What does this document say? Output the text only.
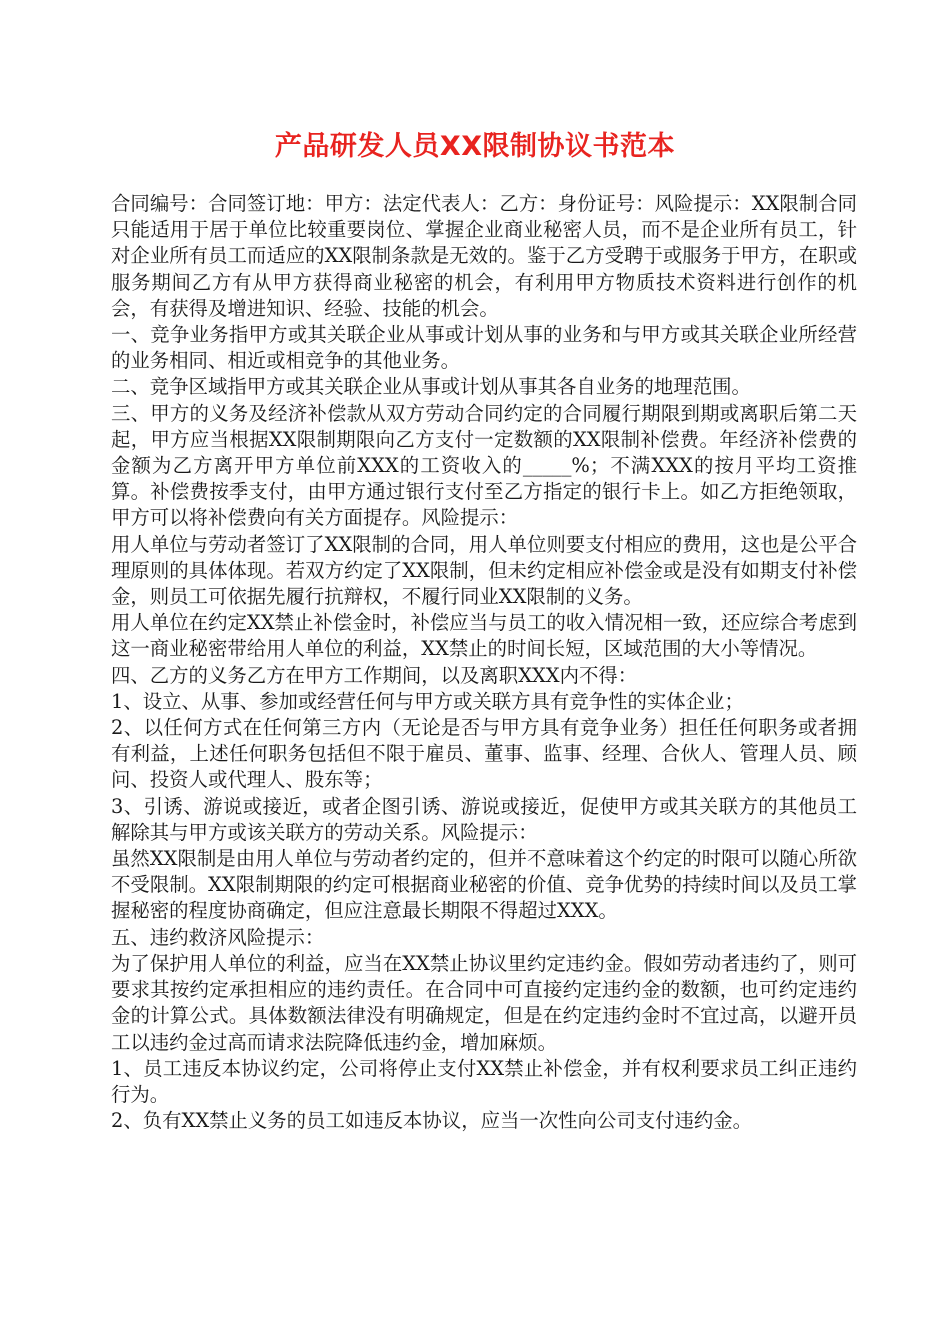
产品研发人员XX限制协议书范本

合同编号：合同签订地：甲方：法定代表人：乙方：身份证号：风险提示：XX限制合同只能适用于居于单位比较重要岗位、掌握企业商业秘密人员，而不是企业所有员工，针对企业所有员工而适应的XX限制条款是无效的。鉴于乙方受聘于或服务于甲方，在职或服务期间乙方有从甲方获得商业秘密的机会，有利用甲方物质技术资料进行创作的机会，有获得及增进知识、经验、技能的机会。

一、竞争业务指甲方或其关联企业从事或计划从事的业务和与甲方或其关联企业所经营的业务相同、相近或相竞争的其他业务。

二、竞争区域指甲方或其关联企业从事或计划从事其各自业务的地理范围。

三、甲方的义务及经济补偿款从双方劳动合同约定的合同履行期限到期或离职后第二天起，甲方应当根据XX限制期限向乙方支付一定数额的XX限制补偿费。年经济补偿费的金额为乙方离开甲方单位前XXX的工资收入的_____%；不满XXX的按月平均工资推算。补偿费按季支付，由甲方通过银行支付至乙方指定的银行卡上。如乙方拒绝领取，甲方可以将补偿费向有关方面提存。风险提示：

用人单位与劳动者签订了XX限制的合同，用人单位则要支付相应的费用，这也是公平合理原则的具体体现。若双方约定了XX限制，但未约定相应补偿金或是没有如期支付补偿金，则员工可依据先履行抗辩权，不履行同业XX限制的义务。

用人单位在约定XX禁止补偿金时，补偿应当与员工的收入情况相一致，还应综合考虑到这一商业秘密带给用人单位的利益，XX禁止的时间长短，区域范围的大小等情况。

四、乙方的义务乙方在甲方工作期间，以及离职XXX内不得：

1、设立、从事、参加或经营任何与甲方或关联方具有竞争性的实体企业；

2、以任何方式在任何第三方内（无论是否与甲方具有竞争业务）担任任何职务或者拥有利益，上述任何职务包括但不限于雇员、董事、监事、经理、合伙人、管理人员、顾问、投资人或代理人、股东等；

3、引诱、游说或接近，或者企图引诱、游说或接近，促使甲方或其关联方的其他员工解除其与甲方或该关联方的劳动关系。风险提示：

虽然XX限制是由用人单位与劳动者约定的，但并不意味着这个约定的时限可以随心所欲不受限制。XX限制期限的约定可根据商业秘密的价值、竞争优势的持续时间以及员工掌握秘密的程度协商确定，但应注意最长期限不得超过XXX。

五、违约救济风险提示：

为了保护用人单位的利益，应当在XX禁止协议里约定违约金。假如劳动者违约了，则可要求其按约定承担相应的违约责任。在合同中可直接约定违约金的数额，也可约定违约金的计算公式。具体数额法律没有明确规定，但是在约定违约金时不宜过高，以避开员工以违约金过高而请求法院降低违约金，增加麻烦。

1、员工违反本协议约定，公司将停止支付XX禁止补偿金，并有权利要求员工纠正违约行为。

2、负有XX禁止义务的员工如违反本协议，应当一次性向公司支付违约金。
